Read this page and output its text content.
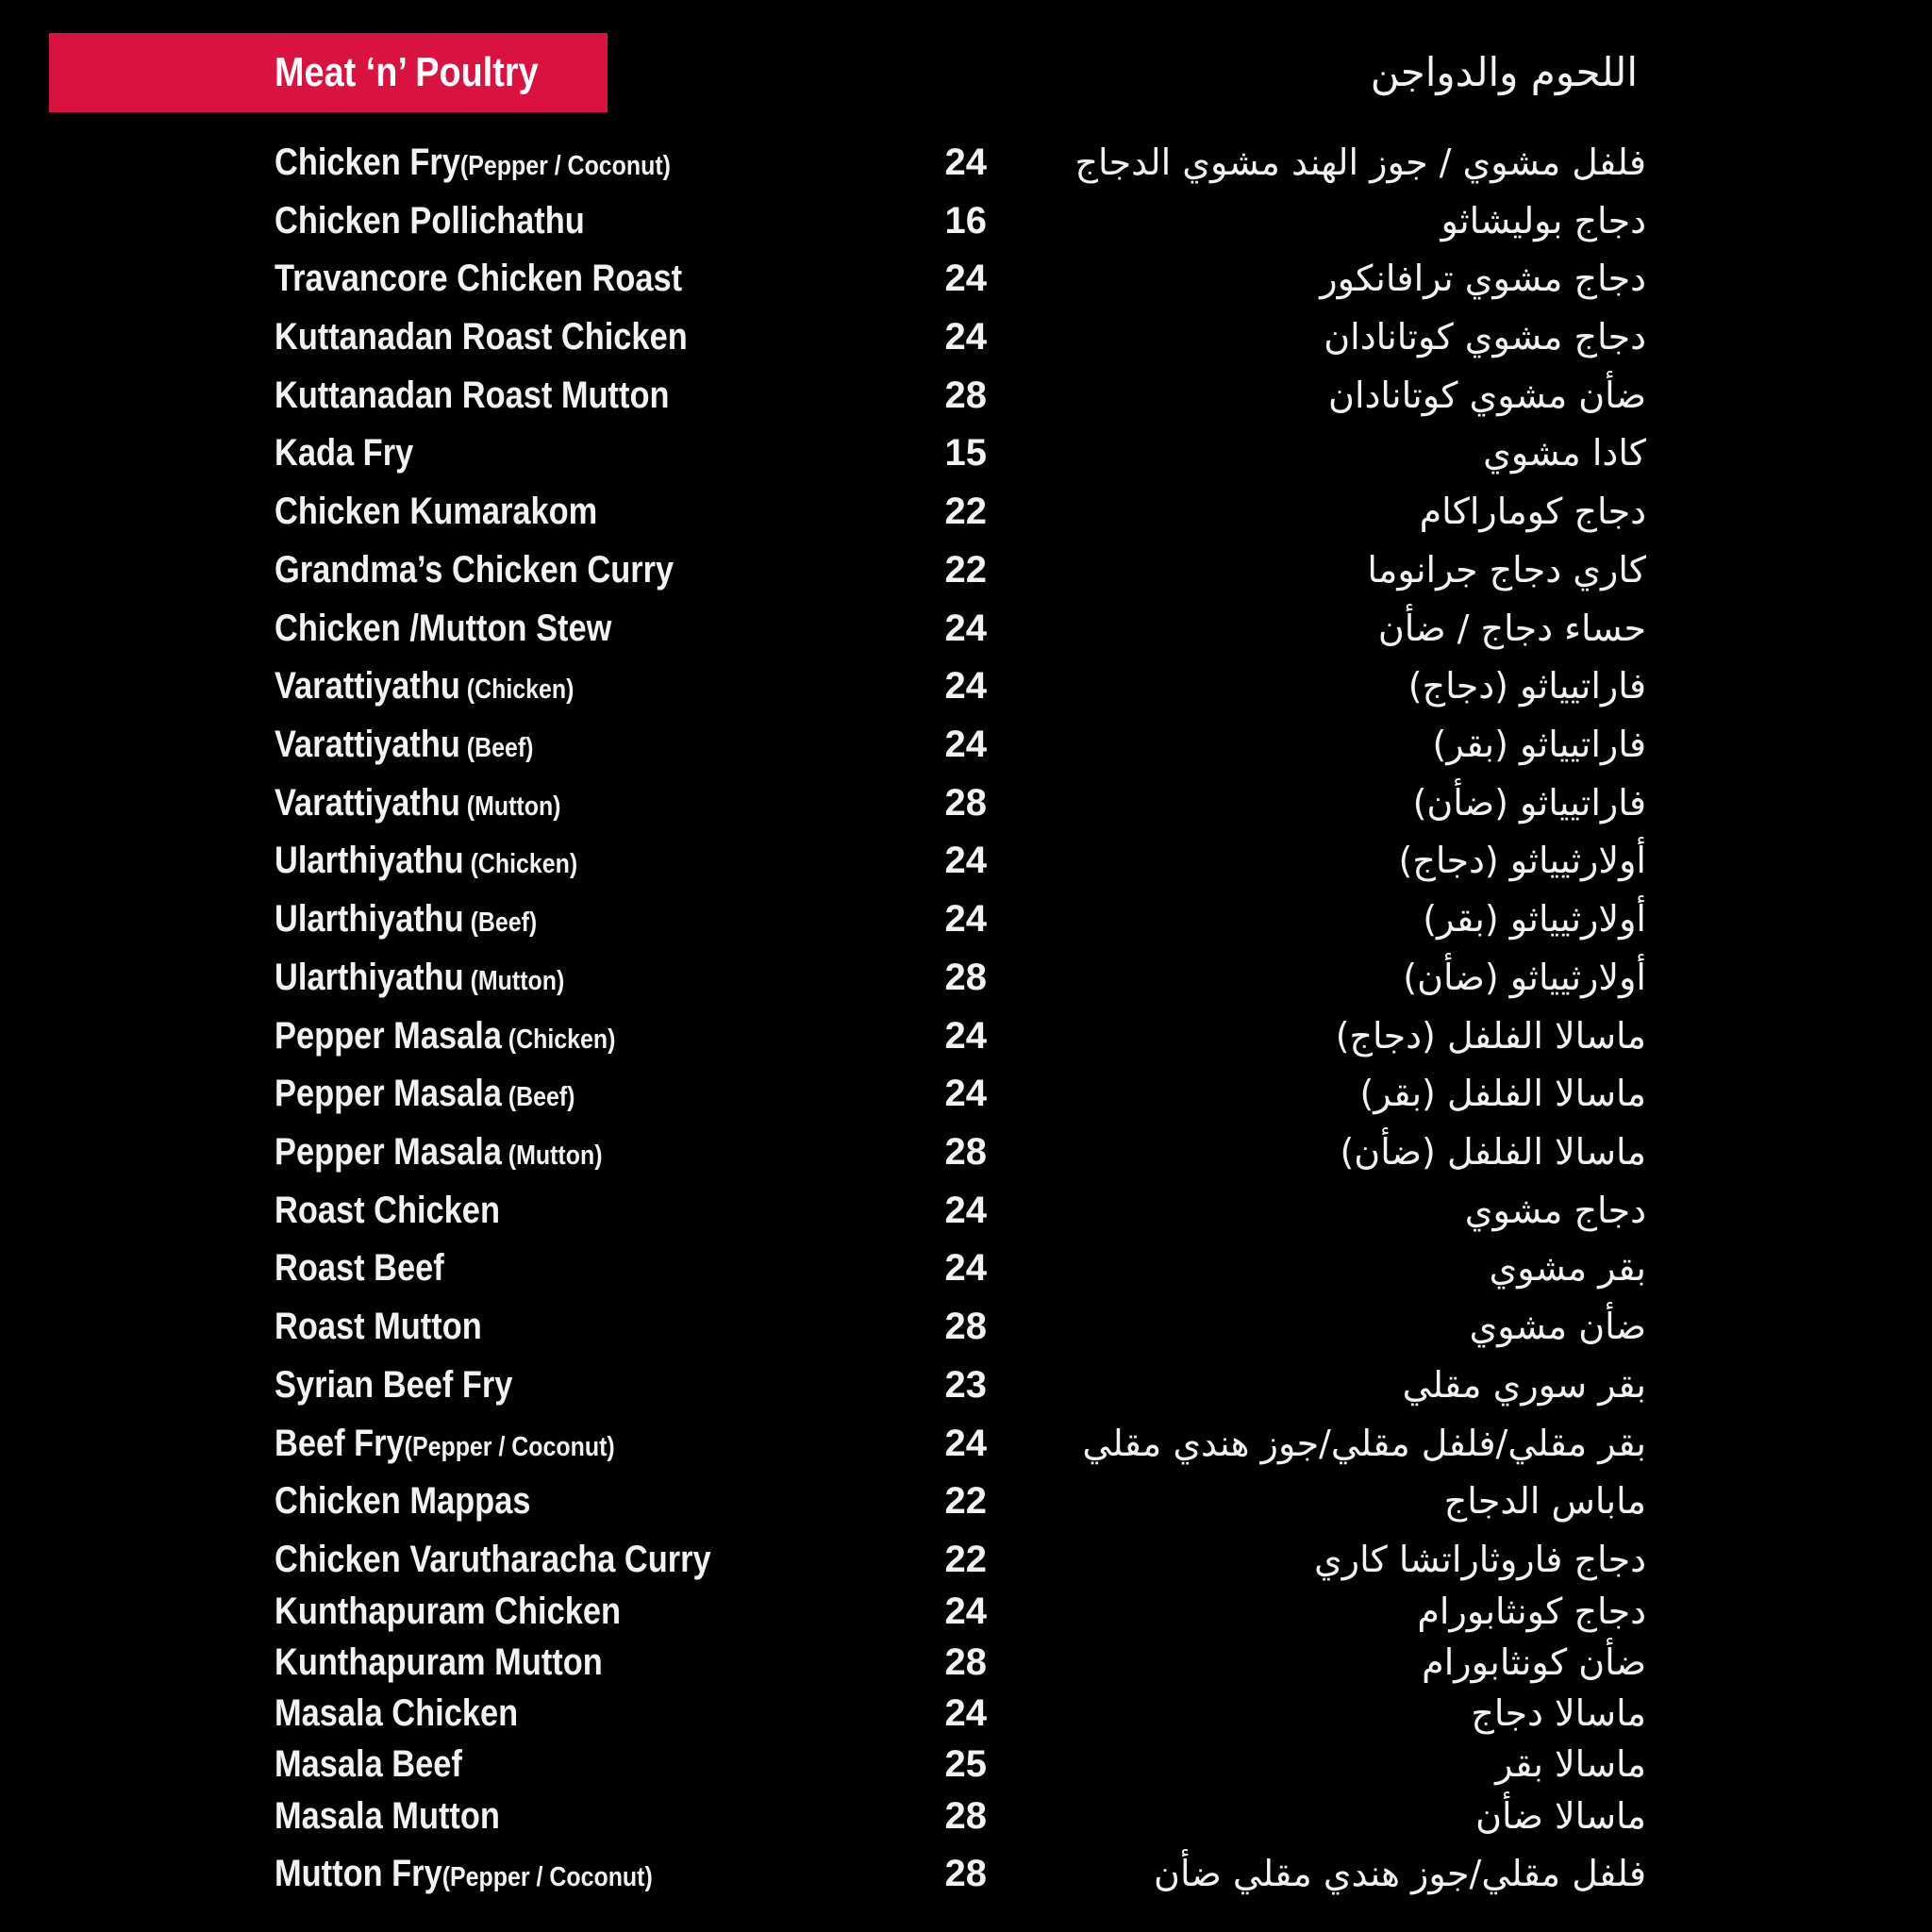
Meat ‘n’ Poultry	اللحوم والدواجن
Chicken Fry(Pepper / Coconut)	24 فلفل مشوي / جوز الهند مشوي الدجاج
Chicken Pollichathu	16	دجاج بوليشاثو
Travancore Chicken Roast	24	دجاج مشوي ترافانكور
Kuttanadan Roast Chicken	24	دجاج مشوي كوتانادان
Kuttanadan Roast Mutton	28	ضأن مشوي كوتانادان
Kada Fry	15	كادا مشوي
Chicken Kumarakom	22	دجاج كوماراكام
Grandma’s Chicken Curry	22	كاري دجاج جرانوما
Chicken /Mutton Stew	24	حساء دجاج / ضأن
Varattiyathu (Chicken)	24	فاراتيياثو (دجاج)
Varattiyathu (Beef)	24	فاراتيياثو (بقر)
Varattiyathu (Mutton)	28	فاراتيياثو (ضأن)
Ularthiyathu (Chicken)	24	أولارثيياثو (دجاج)
Ularthiyathu (Beef)	24	أولارثيياثو (بقر)
Ularthiyathu (Mutton)	28	أولارثيياثو (ضأن)
Pepper Masala (Chicken)	24	ماسالا الفلفل (دجاج)
Pepper Masala (Beef)	24	ماسالا الفلفل (بقر)
Pepper Masala (Mutton)	28	ماسالا الفلفل (ضأن)
Roast Chicken	24	دجاج مشوي
Roast Beef	24	بقر مشوي
Roast Mutton	28	ضأن مشوي
Syrian Beef Fry	23	بقر سوري مقلي
Beef Fry(Pepper / Coconut)	24	بقر مقلي/فلفل مقلي/جوز هندي مقلي
Chicken Mappas	22	ماباس الدجاج
Chicken Varutharacha Curry	22	دجاج فاروثاراتشا كاري
Kunthapuram Chicken	24	دجاج كونثابورام
Kunthapuram Mutton	28	ضأن كونثابورام
Masala Chicken	24	ماسالا دجاج
Masala Beef	25	ماسالا بقر
Masala Mutton	28	ماسالا ضأن
Mutton Fry(Pepper / Coconut)	28	فلفل مقلي/جوز هندي مقلي ضأن
